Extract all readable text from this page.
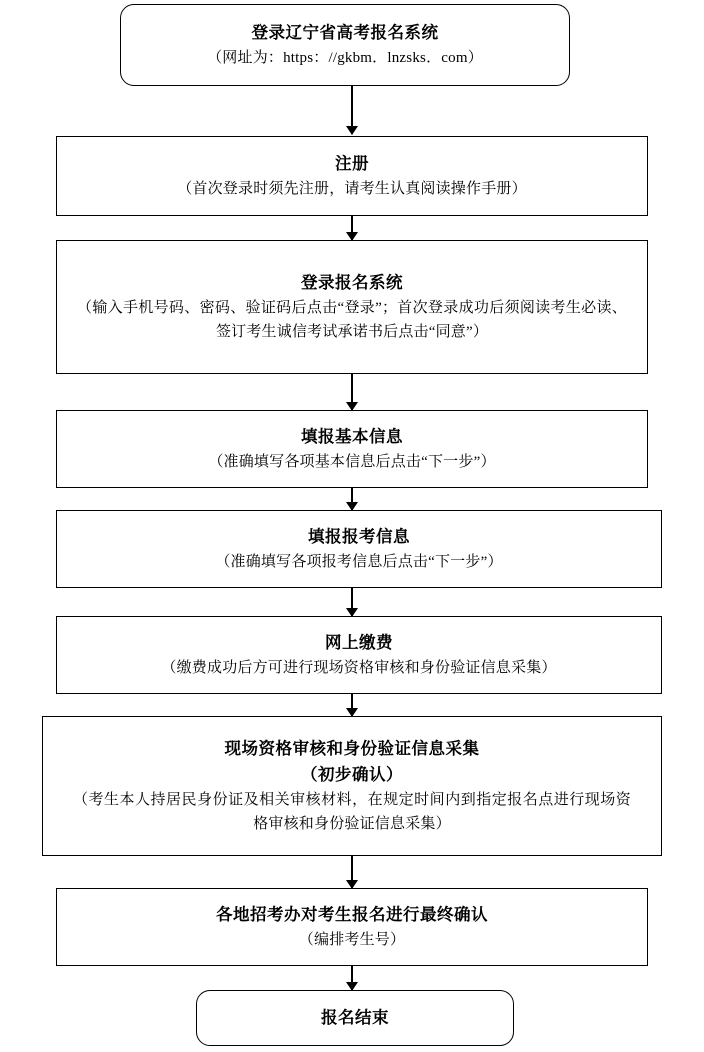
登录辽宁省高考报名系统
（网址为：https：//gkbm．lnzsks．com）
注册
（首次登录时须先注册，请考生认真阅读操作手册）
登录报名系统
（输入手机号码、密码、验证码后点击“登录”；首次登录成功后须阅读考生必读、签订考生诚信考试承诺书后点击“同意”）
填报基本信息
（准确填写各项基本信息后点击“下一步”）
填报报考信息
（准确填写各项报考信息后点击“下一步”）
网上缴费
（缴费成功后方可进行现场资格审核和身份验证信息采集）
现场资格审核和身份验证信息采集
（初步确认）
（考生本人持居民身份证及相关审核材料，在规定时间内到指定报名点进行现场资格审核和身份验证信息采集）
各地招考办对考生报名进行最终确认
（编排考生号）
报名结束
